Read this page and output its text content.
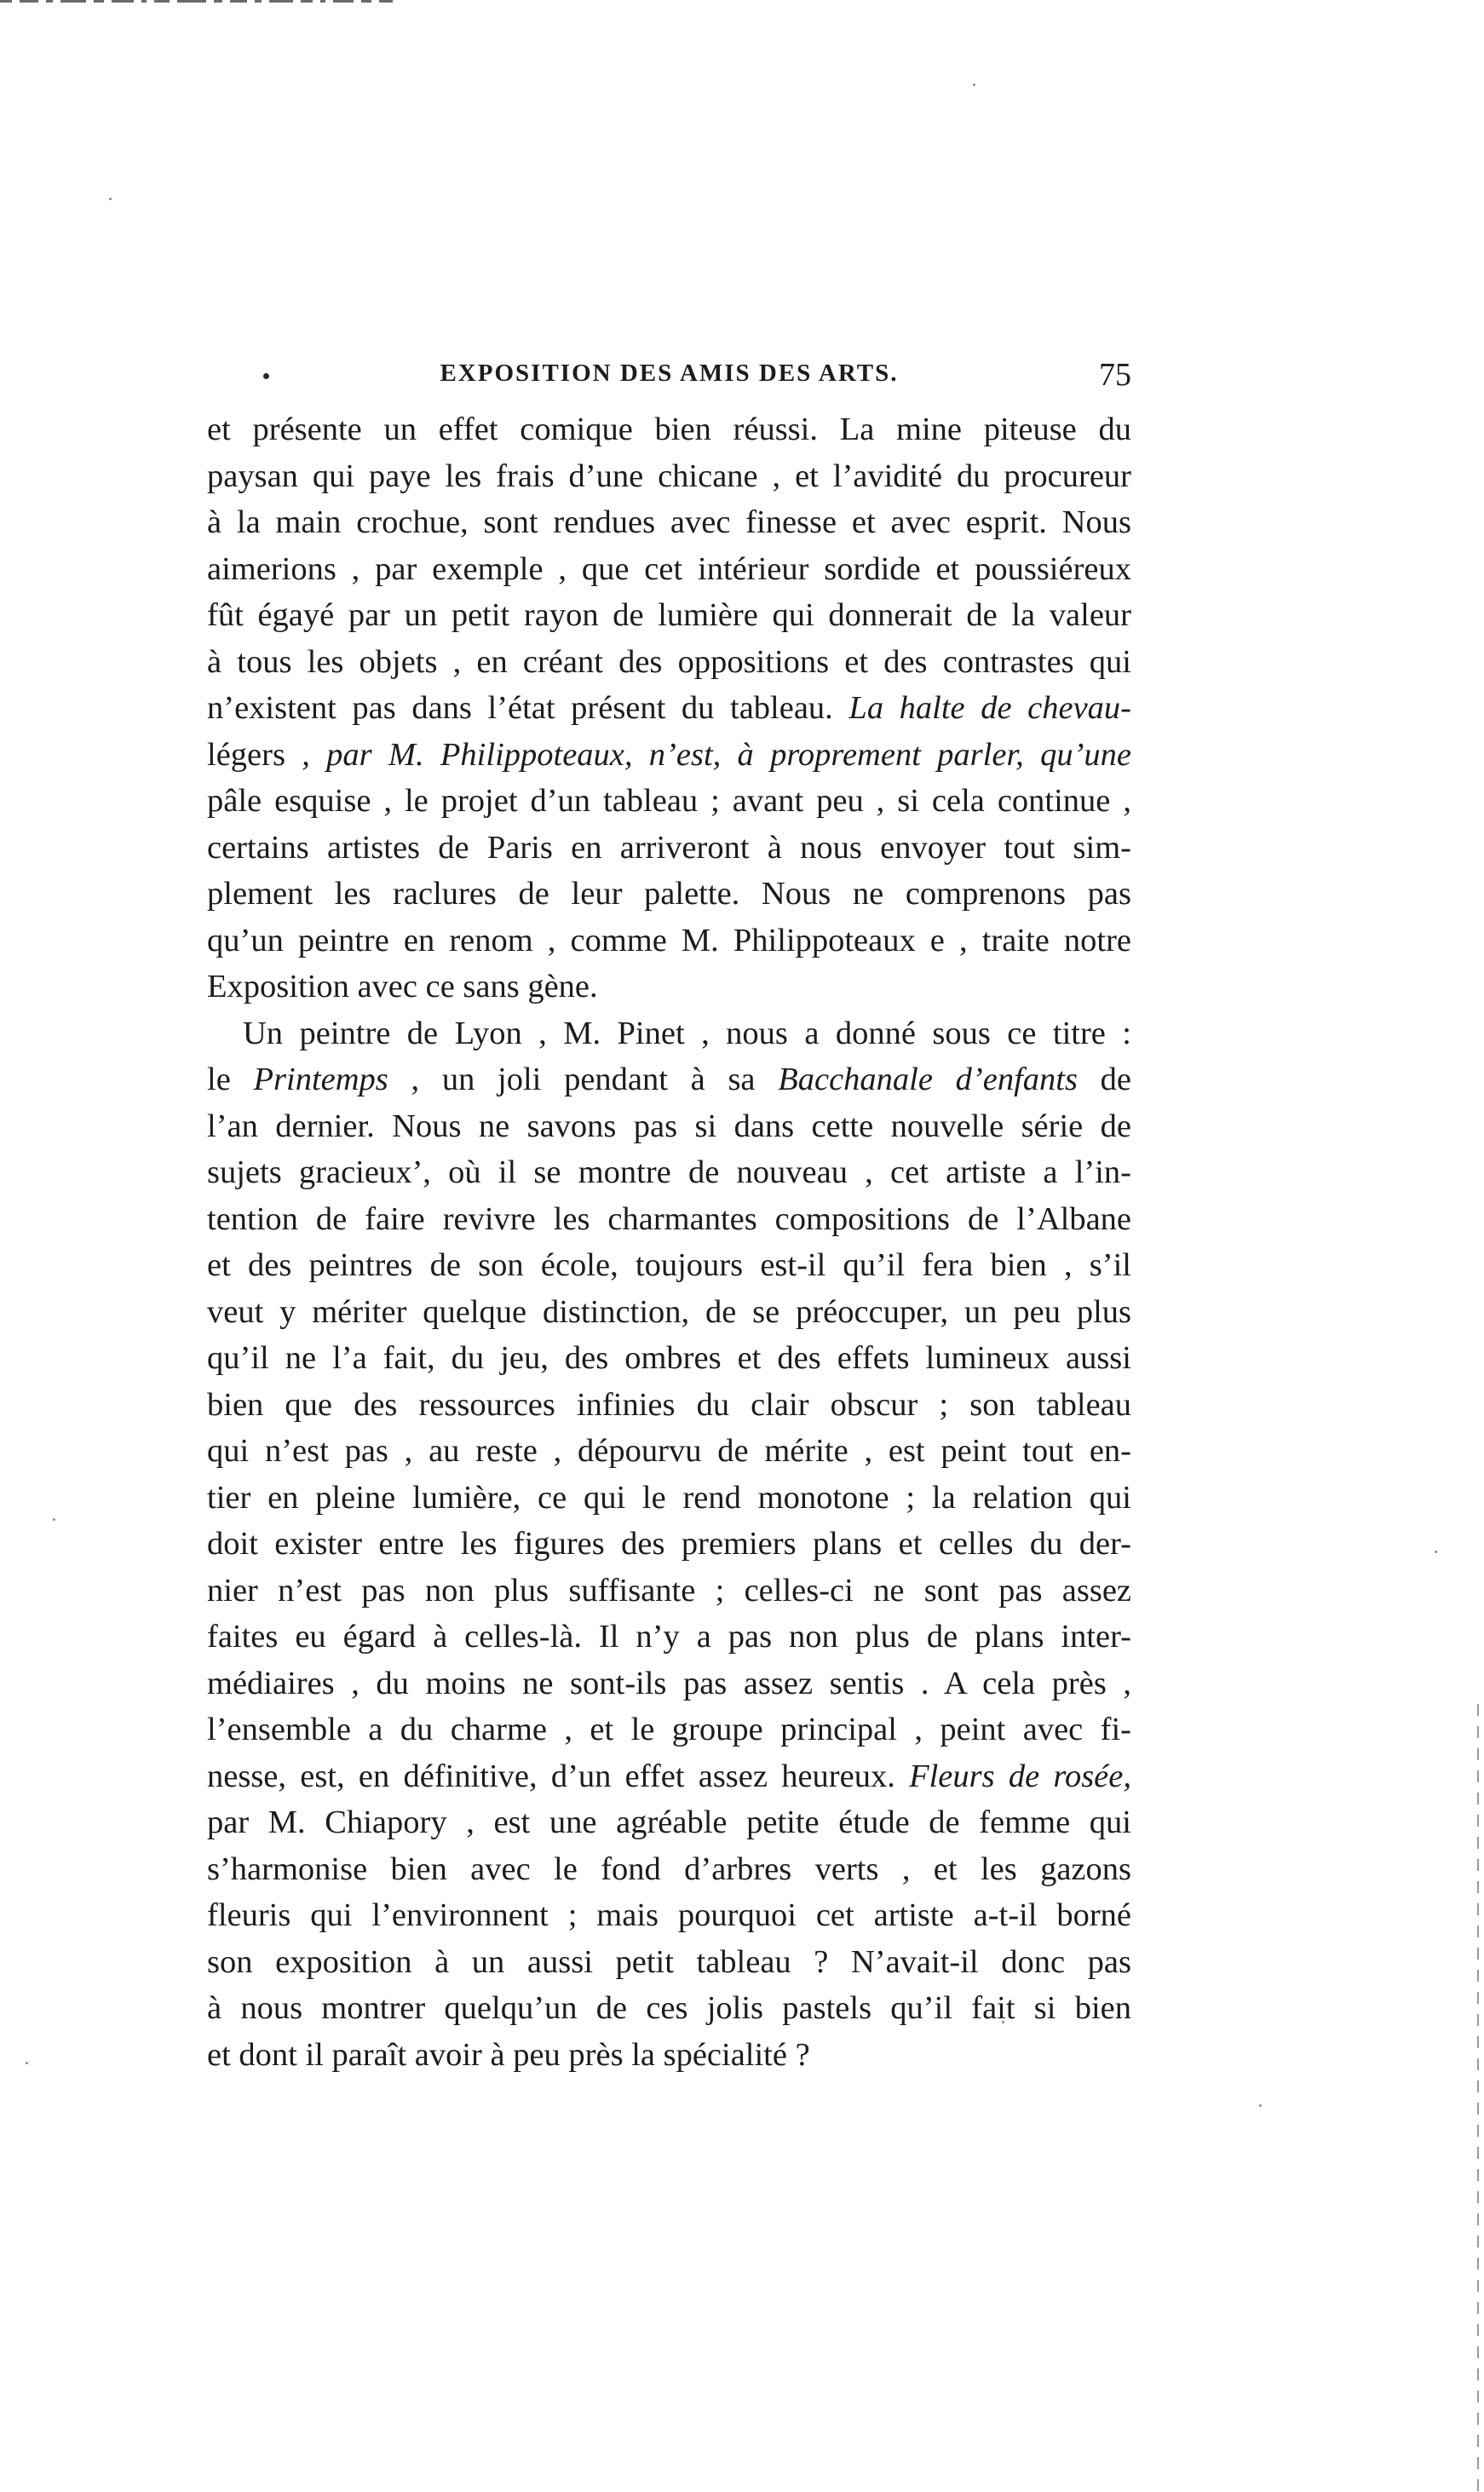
EXPOSITION DES AMIS DES ARTS.	75
et présente un effet comique bien réussi. La mine piteuse du
paysan qui paye les frais d’une chicane , et l’avidité du procureur
à la main crochue, sont rendues avec finesse et avec esprit. Nous
aimerions , par exemple , que cet intérieur sordide et poussiéreux
fût égayé par un petit rayon de lumière qui donnerait de la valeur
à tous les objets , en créant des oppositions et des contrastes qui
n’existent pas dans l’état présent du tableau. La halte de chevau-
légers , par M. Philippoteaux, n’est, à proprement parler, qu’une
pâle esquise , le projet d’un tableau ; avant peu , si cela continue ,
certains artistes de Paris en arriveront à nous envoyer tout sim-
plement les raclures de leur palette. Nous ne comprenons pas
qu’un peintre en renom , comme M. Philippoteaux e , traite notre
Exposition avec ce sans gène.
Un peintre de Lyon , M. Pinet , nous a donné sous ce titre :
le Printemps , un joli pendant à sa Bacchanale d’enfants de
l’an dernier. Nous ne savons pas si dans cette nouvelle série de
sujets gracieux’, où il se montre de nouveau , cet artiste a l’in-
tention de faire revivre les charmantes compositions de l’Albane
et des peintres de son école, toujours est-il qu’il fera bien , s’il
veut y mériter quelque distinction, de se préoccuper, un peu plus
qu’il ne l’a fait, du jeu, des ombres et des effets lumineux aussi
bien que des ressources infinies du clair obscur ; son tableau
qui n’est pas , au reste , dépourvu de mérite , est peint tout en-
tier en pleine lumière, ce qui le rend monotone ; la relation qui
doit exister entre les figures des premiers plans et celles du der-
nier n’est pas non plus suffisante ; celles-ci ne sont pas assez
faites eu égard à celles-là. Il n’y a pas non plus de plans inter-
médiaires , du moins ne sont-ils pas assez sentis . A cela près ,
l’ensemble a du charme , et le groupe principal , peint avec fi-
nesse, est, en définitive, d’un effet assez heureux. Fleurs de rosée,
par M. Chiapory , est une agréable petite étude de femme qui
s’harmonise bien avec le fond d’arbres verts , et les gazons
fleuris qui l’environnent ; mais pourquoi cet artiste a-t-il borné
son exposition à un aussi petit tableau ? N’avait-il donc pas
à nous montrer quelqu’un de ces jolis pastels qu’il fait si bien
et dont il paraît avoir à peu près la spécialité ?
